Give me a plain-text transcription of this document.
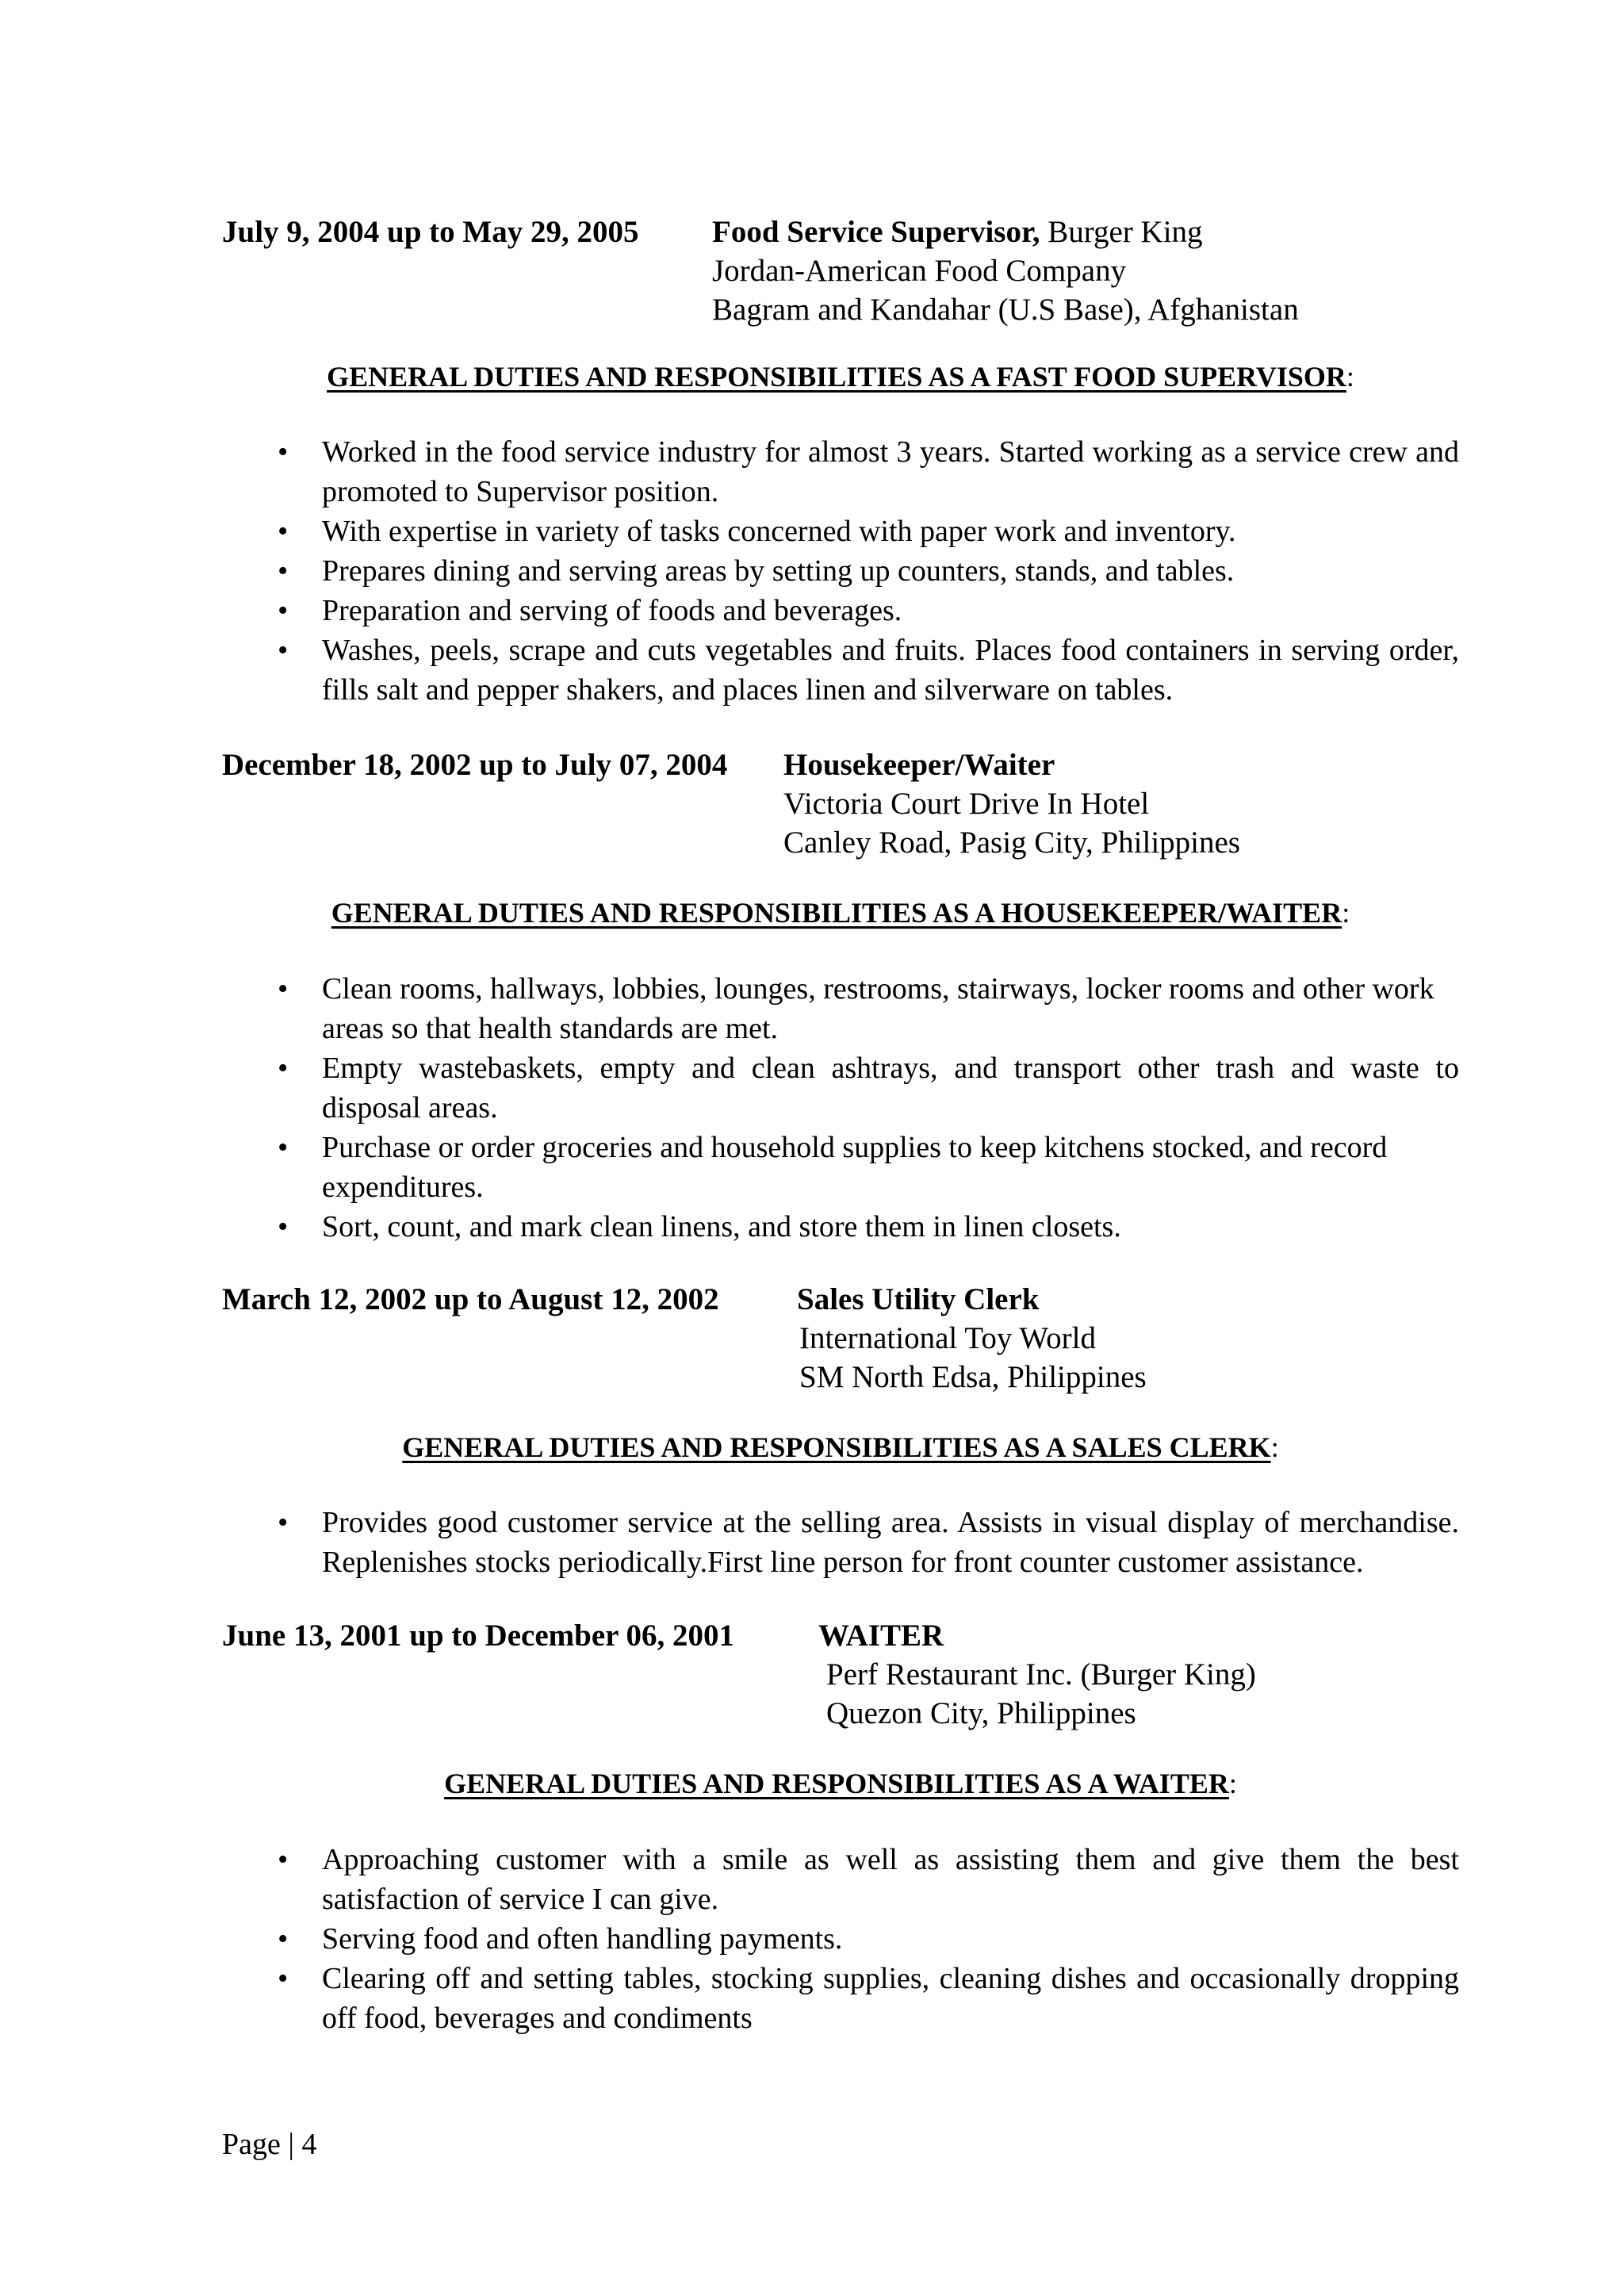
July 9, 2004 up to May 29, 2005 Food Service Supervisor, Burger King
Jordan-American Food Company
Bagram and Kandahar (U.S Base), Afghanistan
GENERAL DUTIES AND RESPONSIBILITIES AS A FAST FOOD SUPERVISOR:
• Worked in the food service industry for almost 3 years. Started working as a service crew and promoted to Supervisor position.
• With expertise in variety of tasks concerned with paper work and inventory.
• Prepares dining and serving areas by setting up counters, stands, and tables.
• Preparation and serving of foods and beverages.
• Washes, peels, scrape and cuts vegetables and fruits. Places food containers in serving order, fills salt and pepper shakers, and places linen and silverware on tables.
December 18, 2002 up to July 07, 2004 Housekeeper/Waiter
Victoria Court Drive In Hotel
Canley Road, Pasig City, Philippines
GENERAL DUTIES AND RESPONSIBILITIES AS A HOUSEKEEPER/WAITER:
• Clean rooms, hallways, lobbies, lounges, restrooms, stairways, locker rooms and other work areas so that health standards are met.
• Empty wastebaskets, empty and clean ashtrays, and transport other trash and waste to disposal areas.
• Purchase or order groceries and household supplies to keep kitchens stocked, and record expenditures.
• Sort, count, and mark clean linens, and store them in linen closets.
March 12, 2002 up to August 12, 2002	Sales Utility Clerk
International Toy World
SM North Edsa, Philippines
GENERAL DUTIES AND RESPONSIBILITIES AS A SALES CLERK:
• Provides good customer service at the selling area. Assists in visual display of merchandise. Replenishes stocks periodically.First line person for front counter customer assistance.
June 13, 2001 up to December 06, 2001	WAITER
Perf Restaurant Inc. (Burger King)
Quezon City, Philippines
GENERAL DUTIES AND RESPONSIBILITIES AS A WAITER:
• Approaching customer with a smile as well as assisting them and give them the best satisfaction of service I can give.
• Serving food and often handling payments.
• Clearing off and setting tables, stocking supplies, cleaning dishes and occasionally dropping off food, beverages and condiments
Page | 4
